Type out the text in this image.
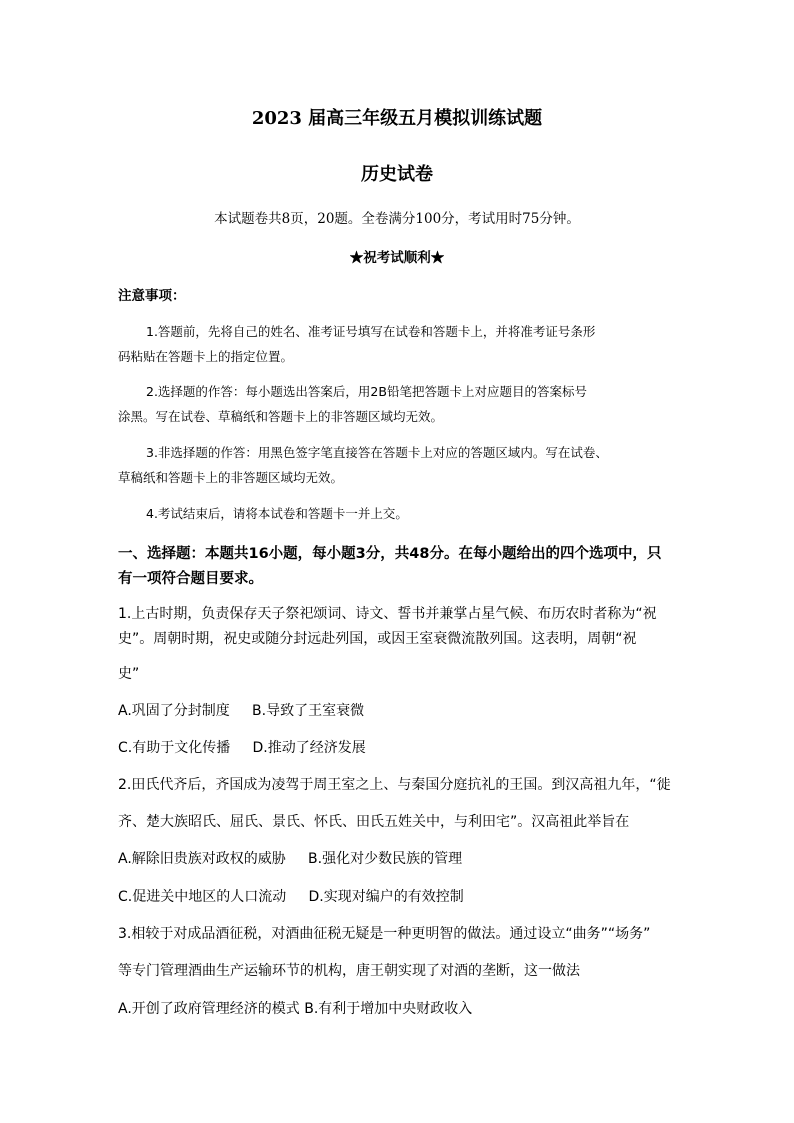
2023 届高三年级五月模拟训练试题
历史试卷
本试题卷共8页，20题。全卷满分100分，考试用时75分钟。
★祝考试顺利★
注意事项：
1.答题前，先将自己的姓名、准考证号填写在试卷和答题卡上，并将准考证号条形
码粘贴在答题卡上的指定位置。
2.选择题的作答：每小题选出答案后，用2B铅笔把答题卡上对应题目的答案标号
涂黑。写在试卷、草稿纸和答题卡上的非答题区域均无效。
3.非选择题的作答：用黑色签字笔直接答在答题卡上对应的答题区域内。写在试卷、
草稿纸和答题卡上的非答题区域均无效。
4.考试结束后，请将本试卷和答题卡一并上交。
一、选择题：本题共16小题，每小题3分，共48分。在每小题给出的四个选项中，只
有一项符合题目要求。
1.上古时期，负责保存天子祭祀颂词、诗文、誓书并兼掌占星气候、布历农时者称为“祝
史”。周朝时期，祝史或随分封远赴列国，或因王室衰微流散列国。这表明，周朝“祝
史”
A.巩固了分封制度     B.导致了王室衰微
C.有助于文化传播     D.推动了经济发展
2.田氏代齐后，齐国成为凌驾于周王室之上、与秦国分庭抗礼的王国。到汉高祖九年，“徙
齐、楚大族昭氏、屈氏、景氏、怀氏、田氏五姓关中，与利田宅”。汉高祖此举旨在
A.解除旧贵族对政权的威胁     B.强化对少数民族的管理
C.促进关中地区的人口流动     D.实现对编户的有效控制
3.相较于对成品酒征税，对酒曲征税无疑是一种更明智的做法。通过设立“曲务”“场务”
等专门管理酒曲生产运输环节的机构，唐王朝实现了对酒的垄断，这一做法
A.开创了政府管理经济的模式 B.有利于增加中央财政收入
